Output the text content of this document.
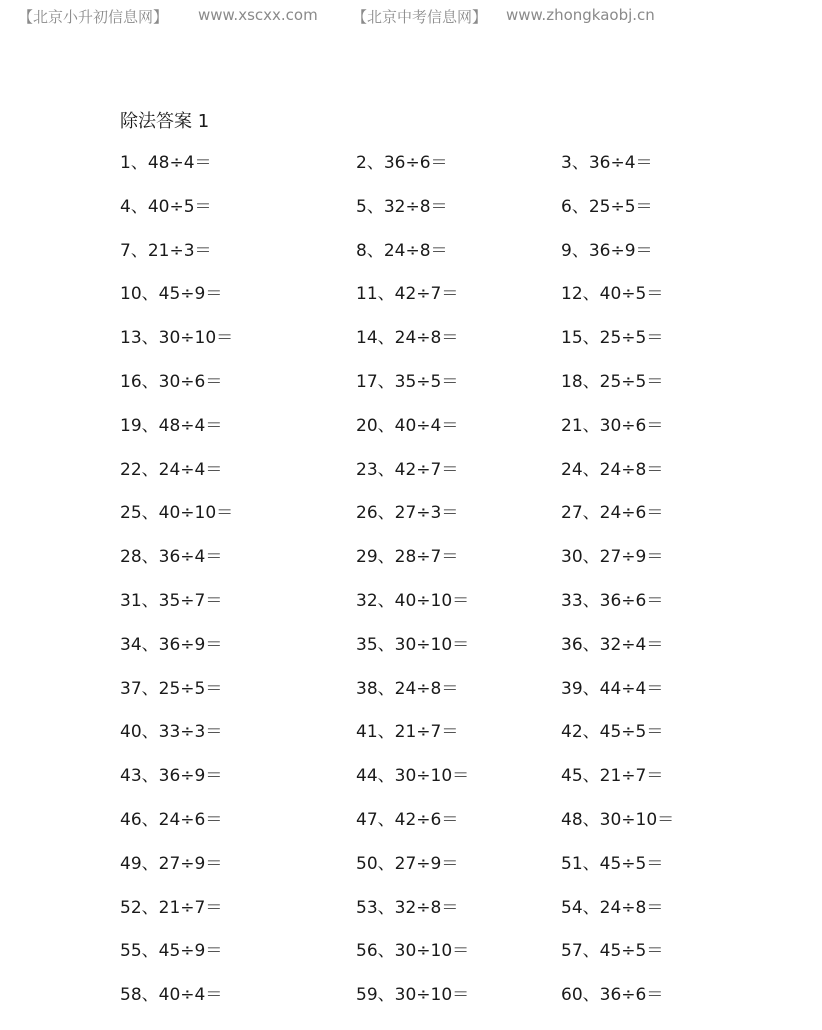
【北京小升初信息网】 www.xscxx.com 【北京中考信息网】 www.zhongkaobj.cn
除法答案 1
1、48÷4＝	2、36÷6＝	3、36÷4＝
4、40÷5＝	5、32÷8＝	6、25÷5＝
7、21÷3＝	8、24÷8＝	9、36÷9＝
10、45÷9＝	11、42÷7＝	12、40÷5＝
13、30÷10＝	14、24÷8＝	15、25÷5＝
16、30÷6＝	17、35÷5＝	18、25÷5＝
19、48÷4＝	20、40÷4＝	21、30÷6＝
22、24÷4＝	23、42÷7＝	24、24÷8＝
25、40÷10＝	26、27÷3＝	27、24÷6＝
28、36÷4＝	29、28÷7＝	30、27÷9＝
31、35÷7＝	32、40÷10＝	33、36÷6＝
34、36÷9＝	35、30÷10＝	36、32÷4＝
37、25÷5＝	38、24÷8＝	39、44÷4＝
40、33÷3＝	41、21÷7＝	42、45÷5＝
43、36÷9＝	44、30÷10＝	45、21÷7＝
46、24÷6＝	47、42÷6＝	48、30÷10＝
49、27÷9＝	50、27÷9＝	51、45÷5＝
52、21÷7＝	53、32÷8＝	54、24÷8＝
55、45÷9＝	56、30÷10＝	57、45÷5＝
58、40÷4＝	59、30÷10＝	60、36÷6＝
